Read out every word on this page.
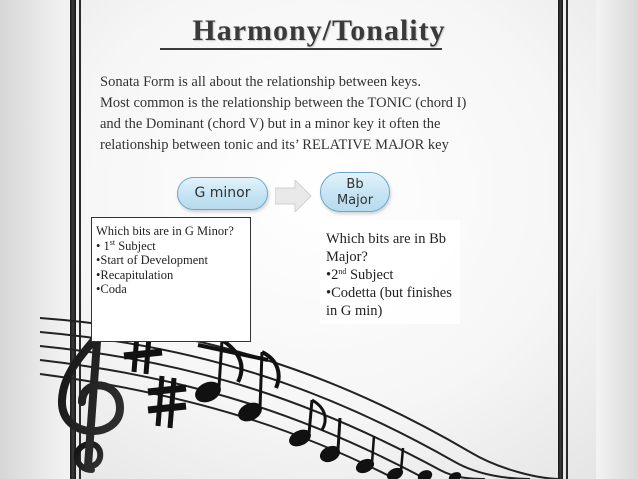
Harmony/Tonality
Sonata Form is all about the relationship between keys.
Most common is the relationship between the TONIC (chord I)
and the Dominant (chord V) but in a minor key it often the
relationship between tonic and its’ RELATIVE MAJOR key
G minor
Bb
Major
Which bits are in G Minor?
• 1st Subject
•Start of Development
•Recapitulation
•Coda
Which bits are in Bb
Major?
•2nd Subject
•Codetta (but finishes
in G min)
